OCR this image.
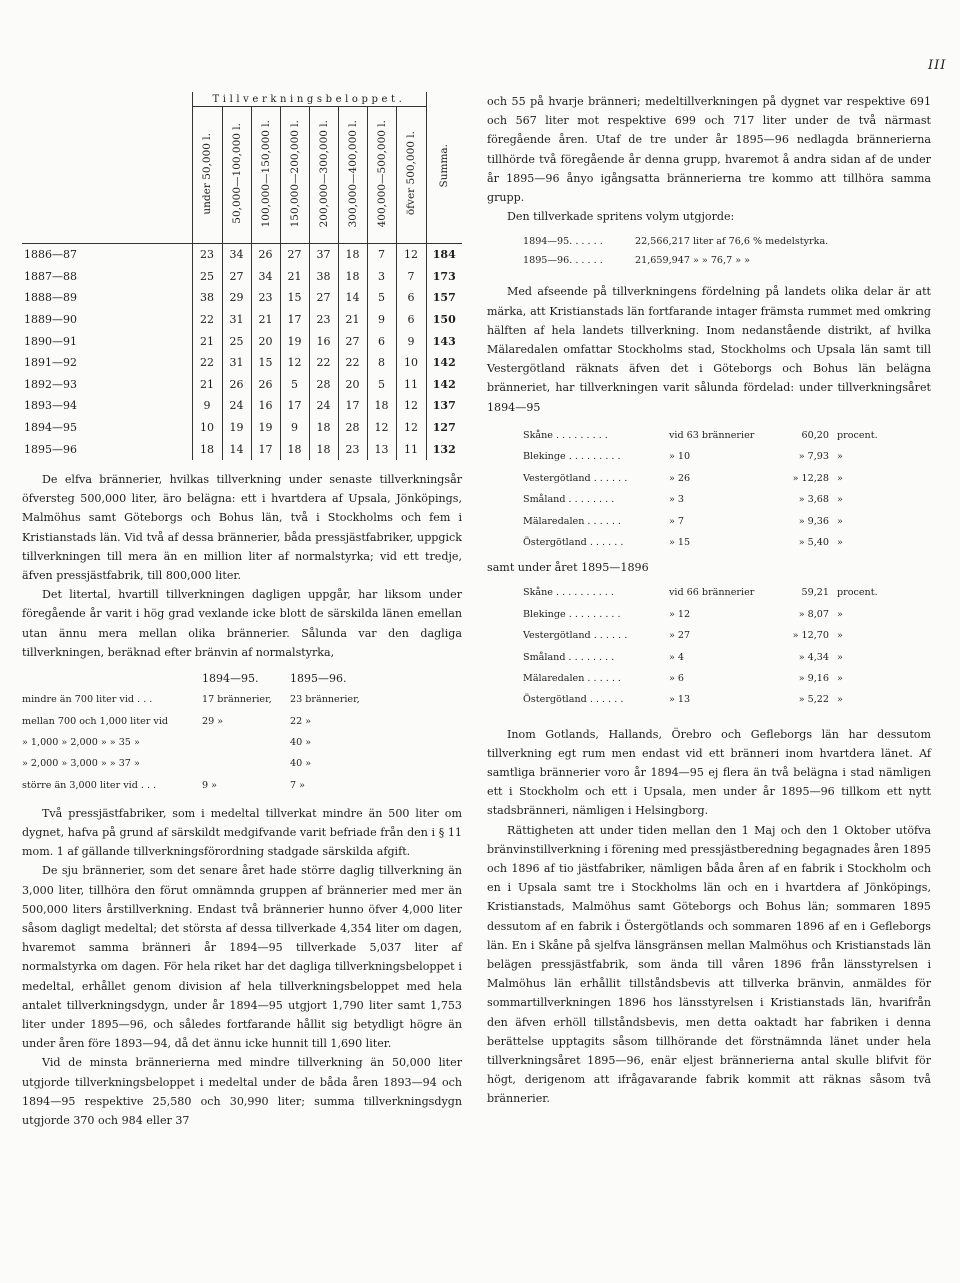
III
	Tillverkningsbeloppet.								Summa.
	under 50,000 l.	50,000—100,000 l.	100,000—150,000 l.	150,000—200,000 l.	200,000—300,000 l.	300,000—400,000 l.	400,000—500,000 l.	öfver 500,000 l.	
1886—87	23	34	26	27	37	18	7	12	184
1887—88	25	27	34	21	38	18	3	7	173
1888—89	38	29	23	15	27	14	5	6	157
1889—90	22	31	21	17	23	21	9	6	150
1890—91	21	25	20	19	16	27	6	9	143
1891—92	22	31	15	12	22	22	8	10	142
1892—93	21	26	26	5	28	20	5	11	142
1893—94	9	24	16	17	24	17	18	12	137
1894—95	10	19	19	9	18	28	12	12	127
1895—96	18	14	17	18	18	23	13	11	132

De elfva brännerier, hvilkas tillverkning under senaste tillverkningsår öfversteg 500,000 liter, äro belägna: ett i hvartdera af Upsala, Jönköpings, Malmöhus samt Göteborgs och Bohus län, två i Stockholms och fem i Kristianstads län. Vid två af dessa brännerier, båda pressjästfabriker, uppgick tillverkningen till mera än en million liter af normalstyrka; vid ett tredje, äfven pressjästfabrik, till 800,000 liter.

Det litertal, hvartill tillverkningen dagligen uppgår, har liksom under föregående år varit i hög grad vexlande icke blott de särskilda länen emellan utan ännu mera mellan olika brännerier. Sålunda var den dagliga tillverkningen, beräknad efter bränvin af normalstyrka,

	1894—95.	1895—96.
mindre än 700 liter vid . . .	17 brännerier,	23 brännerier,
mellan 700 och 1,000 liter vid	29 »	22 »
» 1,000 » 2,000 » » 35 »		40 »
» 2,000 » 3,000 » » 37 »		40 »
större än 3,000 liter vid . . .	9 »	7 »

Två pressjästfabriker, som i medeltal tillverkat mindre än 500 liter om dygnet, hafva på grund af särskildt medgifvande varit befriade från den i § 11 mom. 1 af gällande tillverkningsförordning stadgade särskilda afgift.

De sju brännerier, som det senare året hade större daglig tillverkning än 3,000 liter, tillhöra den förut omnämnda gruppen af brännerier med mer än 500,000 liters årstillverkning. Endast två brännerier hunno öfver 4,000 liter såsom dagligt medeltal; det största af dessa tillverkade 4,354 liter om dagen, hvaremot samma bränneri år 1894—95 tillverkade 5,037 liter af normalstyrka om dagen. För hela riket har det dagliga tillverkningsbeloppet i medeltal, erhållet genom division af hela tillverkningsbeloppet med hela antalet tillverkningsdygn, under år 1894—95 utgjort 1,790 liter samt 1,753 liter under 1895—96, och således fortfarande hållit sig betydligt högre än under åren före 1893—94, då det ännu icke hunnit till 1,690 liter.

Vid de minsta brännerierna med mindre tillverkning än 50,000 liter utgjorde tillverkningsbeloppet i medeltal under de båda åren 1893—94 och 1894—95 respektive 25,580 och 30,990 liter; summa tillverkningsdygn utgjorde 370 och 984 eller 37

och 55 på hvarje bränneri; medeltillverkningen på dygnet var respektive 691 och 567 liter mot respektive 699 och 717 liter under de två närmast föregående åren. Utaf de tre under år 1895—96 nedlagda brännerierna tillhörde två föregående år denna grupp, hvaremot å andra sidan af de under år 1895—96 ånyo igångsatta brännerierna tre kommo att tillhöra samma grupp.

Den tillverkade spritens volym utgjorde:

1894—95. . . . . .	22,566,217 liter af 76,6 % medelstyrka.
1895—96. . . . . .	21,659,947 » » 76,7 » »

Med afseende på tillverkningens fördelning på landets olika delar är att märka, att Kristianstads län fortfarande intager främsta rummet med omkring hälften af hela landets tillverkning. Inom nedanstående distrikt, af hvilka Mälaredalen omfattar Stockholms stad, Stockholms och Upsala län samt till Vestergötland räknats äfven det i Göteborgs och Bohus län belägna bränneriet, har tillverkningen varit sålunda fördelad: under tillverkningsåret 1894—95

Skåne . . . . . . . . .	vid 63 brännerier	60,20	procent.
Blekinge . . . . . . . . .	» 10	» 7,93	»
Vestergötland . . . . . .	» 26	» 12,28	»
Småland . . . . . . . .	» 3	» 3,68	»
Mälaredalen . . . . . .	» 7	» 9,36	»
Östergötland . . . . . .	» 15	» 5,40	»
samt under året 1895—1896
Skåne . . . . . . . . . .	vid 66 brännerier	59,21	procent.
Blekinge . . . . . . . . .	» 12	» 8,07	»
Vestergötland . . . . . .	» 27	» 12,70	»
Småland . . . . . . . .	» 4	» 4,34	»
Mälaredalen . . . . . .	» 6	» 9,16	»
Östergötland . . . . . .	» 13	» 5,22	»

Inom Gotlands, Hallands, Örebro och Gefleborgs län har dessutom tillverkning egt rum men endast vid ett bränneri inom hvartdera länet. Af samtliga brännerier voro år 1894—95 ej flera än två belägna i stad nämligen ett i Stockholm och ett i Upsala, men under år 1895—96 tillkom ett nytt stadsbränneri, nämligen i Helsingborg.

Rättigheten att under tiden mellan den 1 Maj och den 1 Oktober utöfva bränvinstillverkning i förening med pressjästberedning begagnades åren 1895 och 1896 af tio jästfabriker, nämligen båda åren af en fabrik i Stockholm och en i Upsala samt tre i Stockholms län och en i hvartdera af Jönköpings, Kristianstads, Malmöhus samt Göteborgs och Bohus län; sommaren 1895 dessutom af en fabrik i Östergötlands och sommaren 1896 af en i Gefleborgs län. En i Skåne på sjelfva länsgränsen mellan Malmöhus och Kristianstads län belägen pressjästfabrik, som ända till våren 1896 från länsstyrelsen i Malmöhus län erhållit tillståndsbevis att tillverka bränvin, anmäldes för sommartillverkningen 1896 hos länsstyrelsen i Kristianstads län, hvarifrån den äfven erhöll tillståndsbevis, men detta oaktadt har fabriken i denna berättelse upptagits såsom tillhörande det förstnämnda länet under hela tillverkningsåret 1895—96, enär eljest brännerierna antal skulle blifvit för högt, derigenom att ifrågavarande fabrik kommit att räknas såsom två brännerier.
